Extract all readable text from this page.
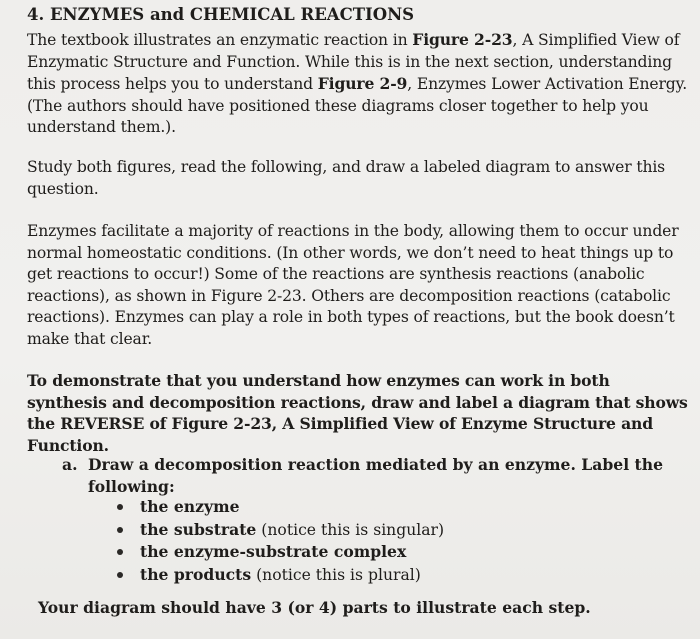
4. ENZYMES and CHEMICAL REACTIONS

The textbook illustrates an enzymatic reaction in Figure 2-23, A Simplified View of Enzymatic Structure and Function. While this is in the next section, understanding this process helps you to understand Figure 2-9, Enzymes Lower Activation Energy. (The authors should have positioned these diagrams closer together to help you understand them.).

Study both figures, read the following, and draw a labeled diagram to answer this question.

Enzymes facilitate a majority of reactions in the body, allowing them to occur under normal homeostatic conditions. (In other words, we don’t need to heat things up to get reactions to occur!) Some of the reactions are synthesis reactions (anabolic reactions), as shown in Figure 2-23. Others are decomposition reactions (catabolic reactions). Enzymes can play a role in both types of reactions, but the book doesn’t make that clear.

To demonstrate that you understand how enzymes can work in both synthesis and decomposition reactions, draw and label a diagram that shows the REVERSE of Figure 2-23, A Simplified View of Enzyme Structure and Function.

a. Draw a decomposition reaction mediated by an enzyme. Label the
following:
the enzyme
the substrate (notice this is singular)
the enzyme-substrate complex
the products (notice this is plural)
Your diagram should have 3 (or 4) parts to illustrate each step.
